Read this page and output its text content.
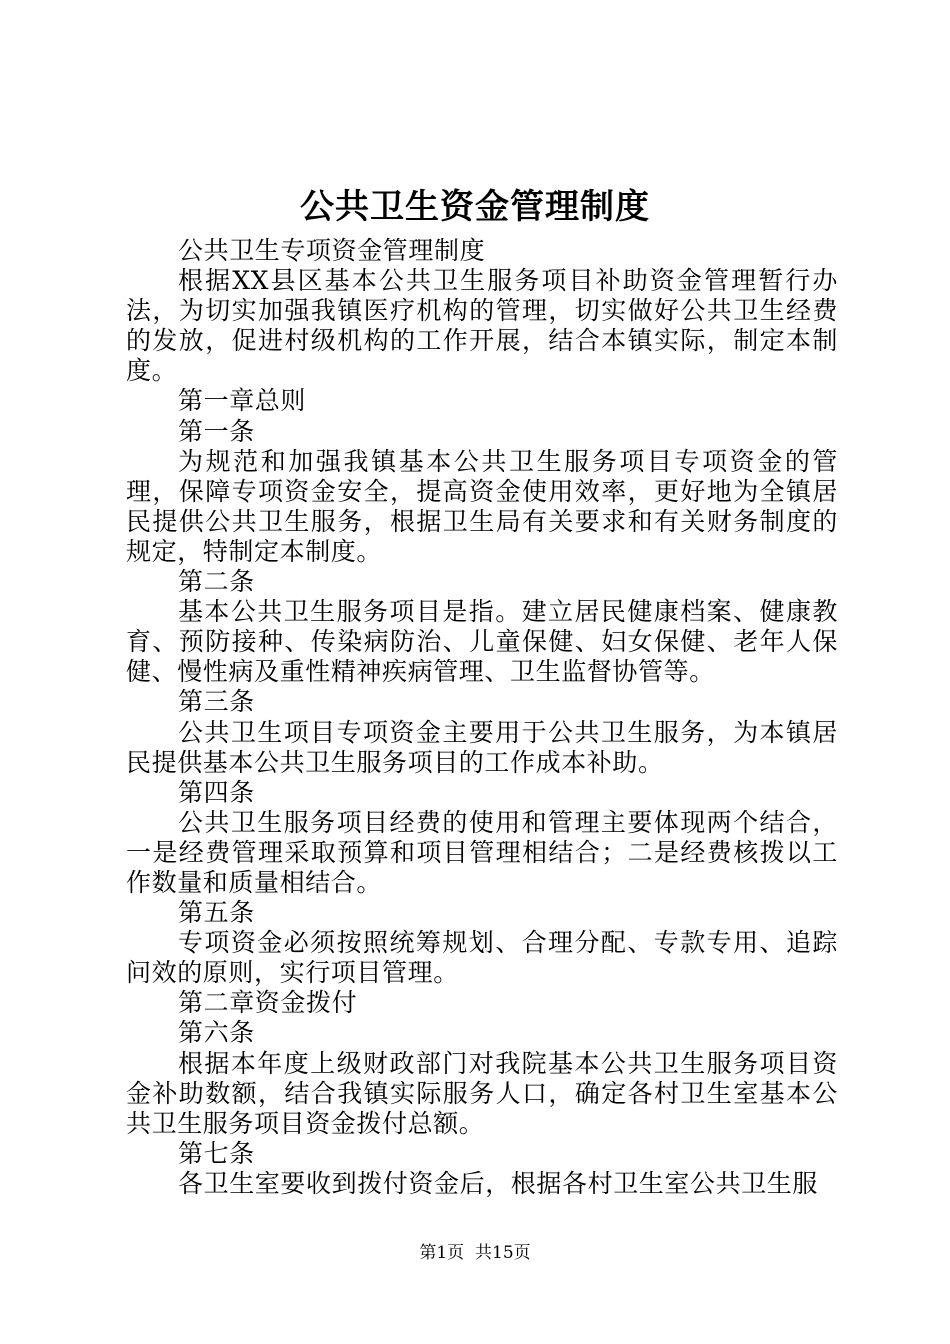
公共卫生资金管理制度

公共卫生专项资金管理制度

根据XX县区基本公共卫生服务项目补助资金管理暂行办法，为切实加强我镇医疗机构的管理，切实做好公共卫生经费的发放，促进村级机构的工作开展，结合本镇实际，制定本制度。

第一章总则

第一条

为规范和加强我镇基本公共卫生服务项目专项资金的管理，保障专项资金安全，提高资金使用效率，更好地为全镇居民提供公共卫生服务，根据卫生局有关要求和有关财务制度的规定，特制定本制度。

第二条

基本公共卫生服务项目是指。建立居民健康档案、健康教育、预防接种、传染病防治、儿童保健、妇女保健、老年人保健、慢性病及重性精神疾病管理、卫生监督协管等。

第三条

公共卫生项目专项资金主要用于公共卫生服务，为本镇居民提供基本公共卫生服务项目的工作成本补助。

第四条

公共卫生服务项目经费的使用和管理主要体现两个结合，一是经费管理采取预算和项目管理相结合；二是经费核拨以工作数量和质量相结合。

第五条

专项资金必须按照统筹规划、合理分配、专款专用、追踪问效的原则，实行项目管理。

第二章资金拨付

第六条

根据本年度上级财政部门对我院基本公共卫生服务项目资金补助数额，结合我镇实际服务人口，确定各村卫生室基本公共卫生服务项目资金拨付总额。

第七条

各卫生室要收到拨付资金后，根据各村卫生室公共卫生服

第1页 共15页
